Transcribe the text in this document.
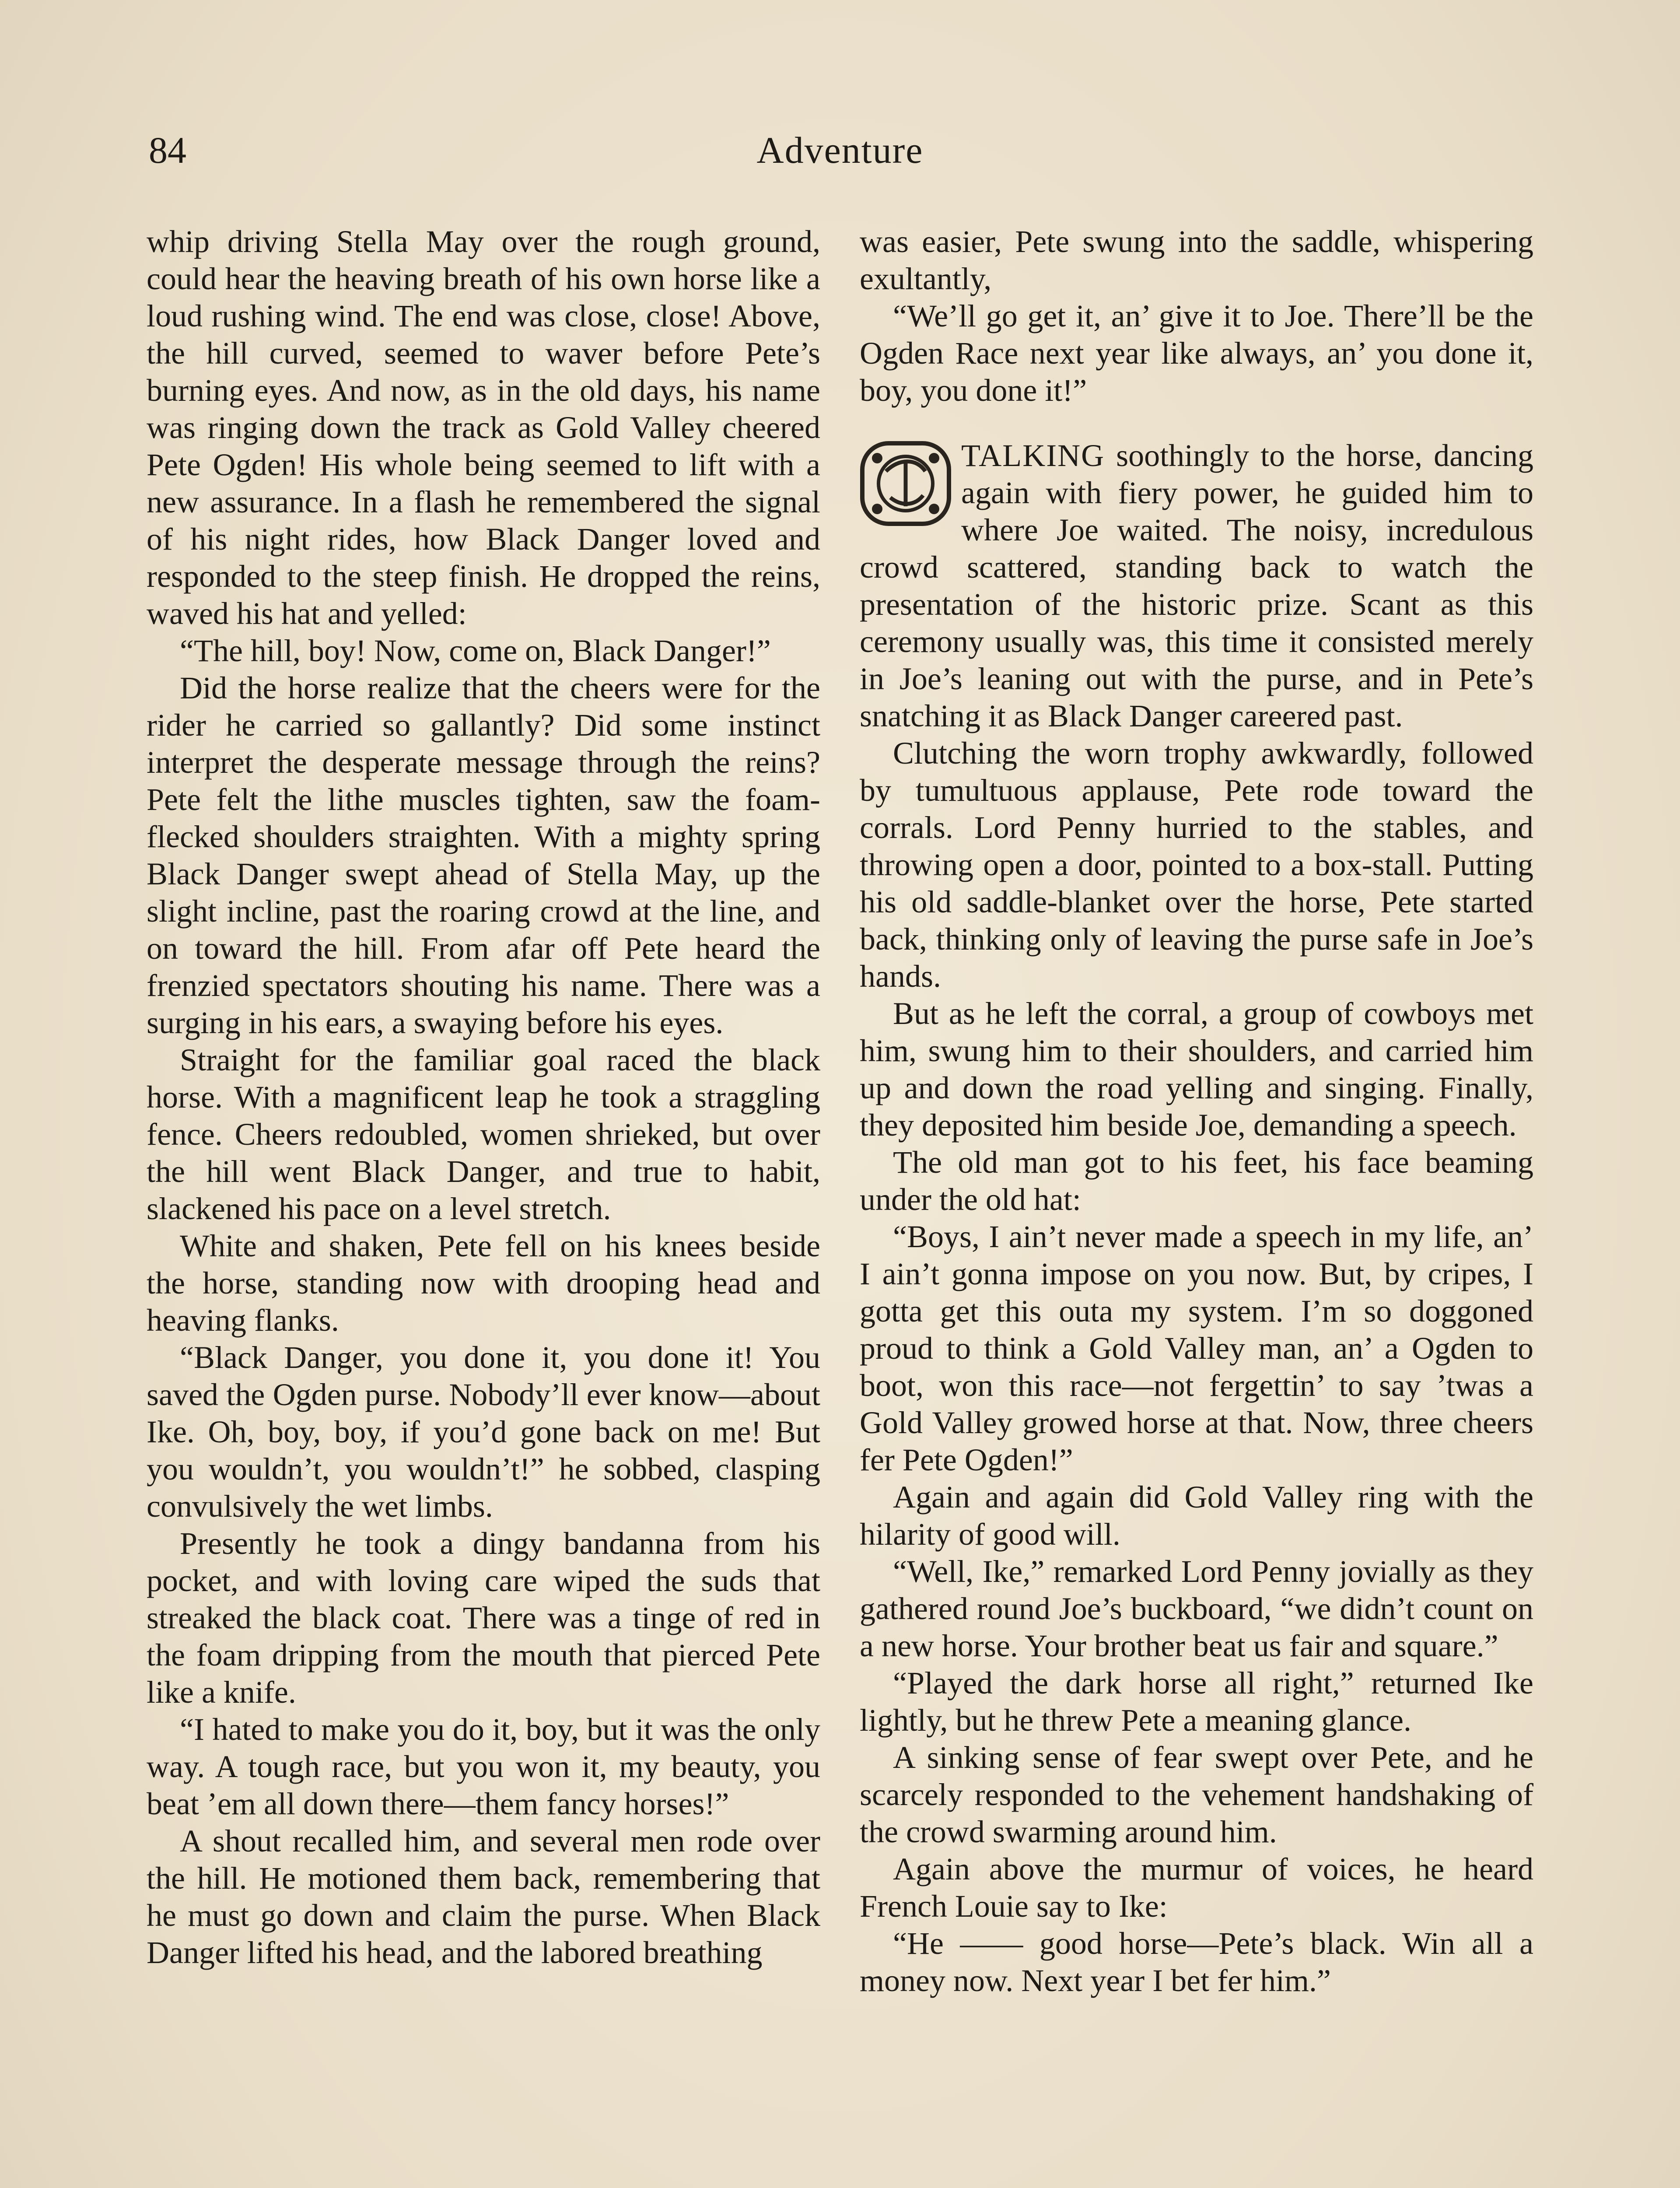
84	Adventure

whip driving Stella May over the rough ground, could hear the heaving breath of his own horse like a loud rushing wind. The end was close, close! Above, the hill curved, seemed to waver before Pete’s burning eyes. And now, as in the old days, his name was ringing down the track as Gold Valley cheered Pete Ogden! His whole being seemed to lift with a new assurance. In a flash he remembered the signal of his night rides, how Black Danger loved and responded to the steep finish. He dropped the reins, waved his hat and yelled:

“The hill, boy! Now, come on, Black Danger!”

Did the horse realize that the cheers were for the rider he carried so gallantly? Did some instinct interpret the desperate message through the reins? Pete felt the lithe muscles tighten, saw the foam-flecked shoulders straighten. With a mighty spring Black Danger swept ahead of Stella May, up the slight incline, past the roaring crowd at the line, and on toward the hill. From afar off Pete heard the frenzied spectators shouting his name. There was a surging in his ears, a swaying before his eyes.

Straight for the familiar goal raced the black horse. With a magnificent leap he took a straggling fence. Cheers redoubled, women shrieked, but over the hill went Black Danger, and true to habit, slackened his pace on a level stretch.

White and shaken, Pete fell on his knees beside the horse, standing now with drooping head and heaving flanks.

“Black Danger, you done it, you done it! You saved the Ogden purse. Nobody’ll ever know—about Ike. Oh, boy, boy, if you’d gone back on me! But you wouldn’t, you wouldn’t!” he sobbed, clasping convulsively the wet limbs.

Presently he took a dingy bandanna from his pocket, and with loving care wiped the suds that streaked the black coat. There was a tinge of red in the foam dripping from the mouth that pierced Pete like a knife.

“I hated to make you do it, boy, but it was the only way. A tough race, but you won it, my beauty, you beat ’em all down there—them fancy horses!”

A shout recalled him, and several men rode over the hill. He motioned them back, remembering that he must go down and claim the purse. When Black Danger lifted his head, and the labored breathing

was easier, Pete swung into the saddle, whispering exultantly,

“We’ll go get it, an’ give it to Joe. There’ll be the Ogden Race next year like always, an’ you done it, boy, you done it!”

TALKING soothingly to the horse, dancing again with fiery power, he guided him to where Joe waited. The noisy, incredulous crowd scattered, standing back to watch the presentation of the historic prize. Scant as this ceremony usually was, this time it consisted merely in Joe’s leaning out with the purse, and in Pete’s snatching it as Black Danger careered past.

Clutching the worn trophy awkwardly, followed by tumultuous applause, Pete rode toward the corrals. Lord Penny hurried to the stables, and throwing open a door, pointed to a box-stall. Putting his old saddle-blanket over the horse, Pete started back, thinking only of leaving the purse safe in Joe’s hands.

But as he left the corral, a group of cowboys met him, swung him to their shoulders, and carried him up and down the road yelling and singing. Finally, they deposited him beside Joe, demanding a speech.

The old man got to his feet, his face beaming under the old hat:

“Boys, I ain’t never made a speech in my life, an’ I ain’t gonna impose on you now. But, by cripes, I gotta get this outa my system. I’m so doggoned proud to think a Gold Valley man, an’ a Ogden to boot, won this race—not fergettin’ to say ’twas a Gold Valley growed horse at that. Now, three cheers fer Pete Ogden!”

Again and again did Gold Valley ring with the hilarity of good will.

“Well, Ike,” remarked Lord Penny jovially as they gathered round Joe’s buckboard, “we didn’t count on a new horse. Your brother beat us fair and square.”

“Played the dark horse all right,” returned Ike lightly, but he threw Pete a meaning glance.

A sinking sense of fear swept over Pete, and he scarcely responded to the vehement handshaking of the crowd swarming around him.

Again above the murmur of voices, he heard French Louie say to Ike:

“He —— good horse—Pete’s black. Win all a money now. Next year I bet fer him.”
